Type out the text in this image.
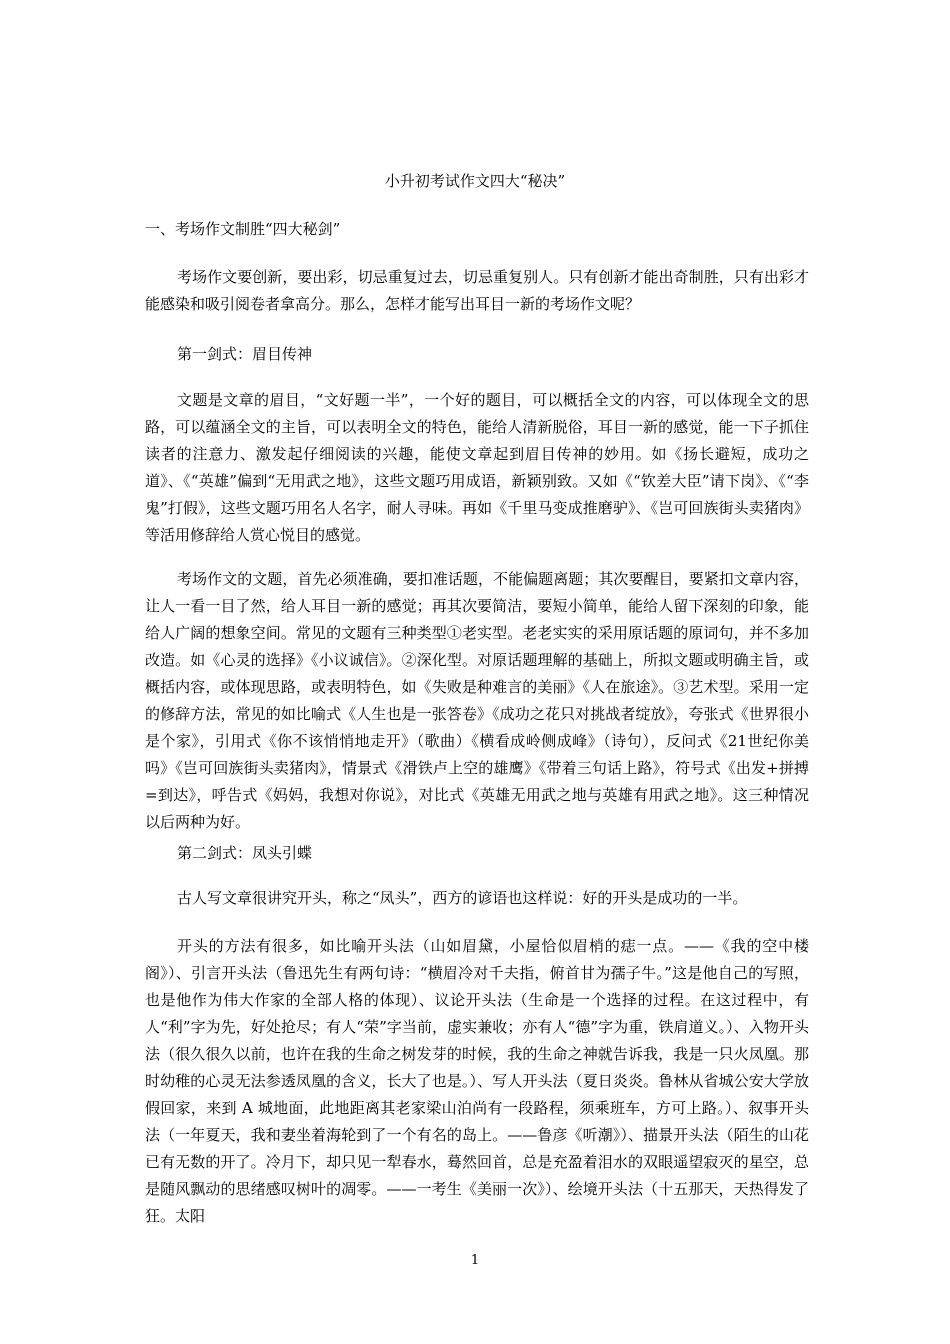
小升初考试作文四大“秘决”
一、考场作文制胜“四大秘剑”

考场作文要创新，要出彩，切忌重复过去，切忌重复别人。只有创新才能出奇制胜，只有出彩才能感染和吸引阅卷者拿高分。那么，怎样才能写出耳目一新的考场作文呢？

第一剑式：眉目传神

文题是文章的眉目，“文好题一半”，一个好的题目，可以概括全文的内容，可以体现全文的思路，可以蕴涵全文的主旨，可以表明全文的特色，能给人清新脱俗，耳目一新的感觉，能一下子抓住读者的注意力、激发起仔细阅读的兴趣，能使文章起到眉目传神的妙用。如《扬长避短，成功之道》、《“英雄”偏到“无用武之地》，这些文题巧用成语，新颖别致。又如《“钦差大臣”请下岗》、《“李鬼”打假》，这些文题巧用名人名字，耐人寻味。再如《千里马变成推磨驴》、《岂可回族街头卖猪肉》等活用修辞给人赏心悦目的感觉。

考场作文的文题，首先必须准确，要扣准话题，不能偏题离题；其次要醒目，要紧扣文章内容，让人一看一目了然，给人耳目一新的感觉；再其次要简洁，要短小简单，能给人留下深刻的印象，能给人广阔的想象空间。常见的文题有三种类型①老实型。老老实实的采用原话题的原词句，并不多加改造。如《心灵的选择》《小议诚信》。②深化型。对原话题理解的基础上，所拟文题或明确主旨，或概括内容，或体现思路，或表明特色，如《失败是种难言的美丽》《人在旅途》。③艺术型。采用一定的修辞方法，常见的如比喻式《人生也是一张答卷》《成功之花只对挑战者绽放》，夸张式《世界很小是个家》，引用式《你不该悄悄地走开》（歌曲）《横看成岭侧成峰》（诗句），反问式《21世纪你美吗》《岂可回族街头卖猪肉》，情景式《滑铁卢上空的雄鹰》《带着三句话上路》，符号式《出发+拼搏=到达》，呼告式《妈妈，我想对你说》，对比式《英雄无用武之地与英雄有用武之地》。这三种情况以后两种为好。

第二剑式：凤头引蝶

古人写文章很讲究开头，称之“凤头”，西方的谚语也这样说：好的开头是成功的一半。

开头的方法有很多，如比喻开头法（山如眉黛，小屋恰似眉梢的痣一点。——《我的空中楼阁》）、引言开头法（鲁迅先生有两句诗：“横眉冷对千夫指，俯首甘为孺子牛。”这是他自己的写照，也是他作为伟大作家的全部人格的体现）、议论开头法（生命是一个选择的过程。在这过程中，有人“利”字为先，好处抢尽；有人“荣”字当前，虚实兼收；亦有人“德”字为重，铁肩道义。）、入物开头法（很久很久以前，也许在我的生命之树发芽的时候，我的生命之神就告诉我，我是一只火凤凰。那时幼稚的心灵无法参透凤凰的含义，长大了也是。）、写人开头法（夏日炎炎。鲁林从省城公安大学放假回家，来到 A 城地面，此地距离其老家梁山泊尚有一段路程，须乘班车，方可上路。）、叙事开头法（一年夏天，我和妻坐着海轮到了一个有名的岛上。——鲁彦《听潮》）、描景开头法（陌生的山花已有无数的开了。冷月下，却只见一犁春水，蓦然回首，总是充盈着泪水的双眼遥望寂灭的星空，总是随风飘动的思绪感叹树叶的凋零。——一考生《美丽一次》）、绘境开头法（十五那天，天热得发了狂。太阳

1
